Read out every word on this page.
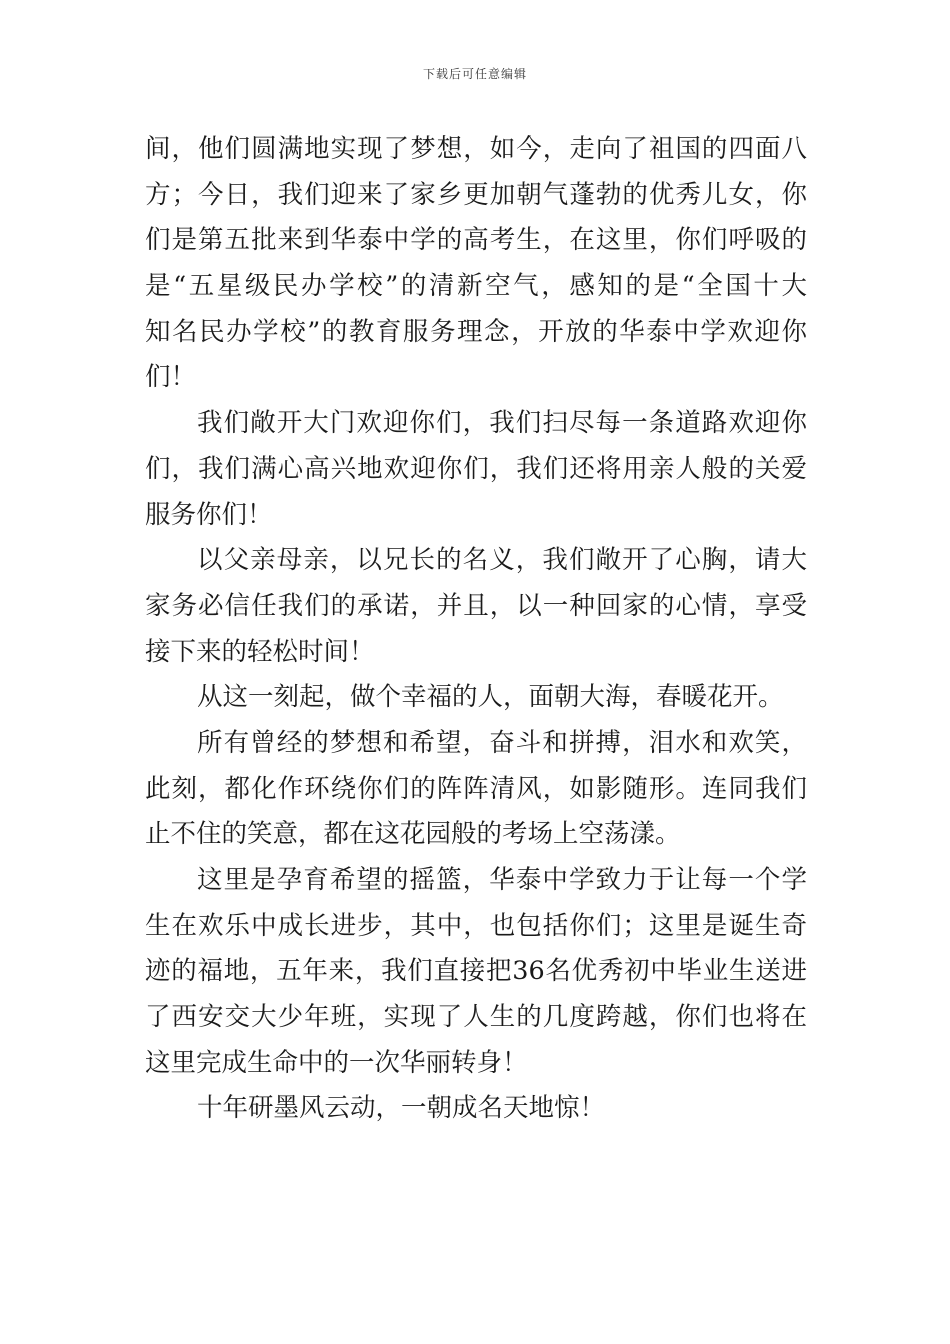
下载后可任意编辑
间，他们圆满地实现了梦想，如今，走向了祖国的四面八
方；今日，我们迎来了家乡更加朝气蓬勃的优秀儿女，你
们是第五批来到华泰中学的高考生，在这里，你们呼吸的
是“五星级民办学校”的清新空气，感知的是“全国十大
知名民办学校”的教育服务理念，开放的华泰中学欢迎你
们！
我们敞开大门欢迎你们，我们扫尽每一条道路欢迎你
们，我们满心高兴地欢迎你们，我们还将用亲人般的关爱
服务你们！
以父亲母亲，以兄长的名义，我们敞开了心胸，请大
家务必信任我们的承诺，并且，以一种回家的心情，享受
接下来的轻松时间！
从这一刻起，做个幸福的人，面朝大海，春暖花开。
所有曾经的梦想和希望，奋斗和拼搏，泪水和欢笑，
此刻，都化作环绕你们的阵阵清风，如影随形。连同我们
止不住的笑意，都在这花园般的考场上空荡漾。
这里是孕育希望的摇篮，华泰中学致力于让每一个学
生在欢乐中成长进步，其中，也包括你们；这里是诞生奇
迹的福地，五年来，我们直接把36名优秀初中毕业生送进
了西安交大少年班，实现了人生的几度跨越，你们也将在
这里完成生命中的一次华丽转身！
十年研墨风云动，一朝成名天地惊！
